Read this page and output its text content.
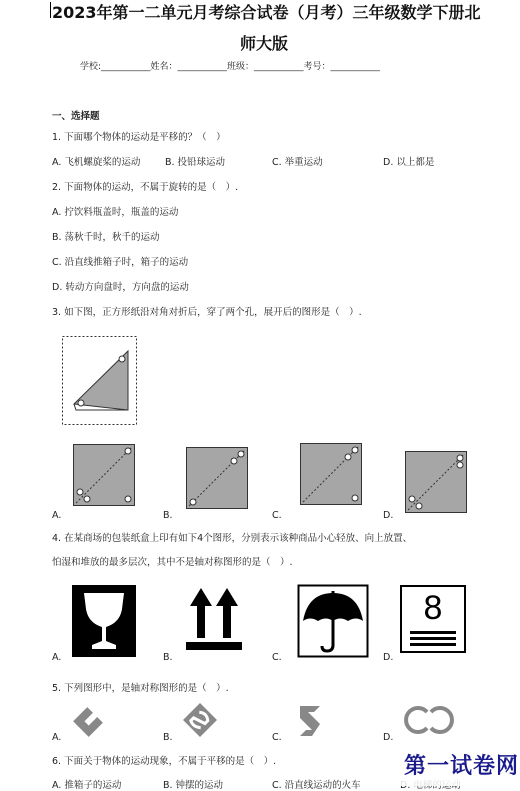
2023年第一二单元月考综合试卷（月考）三年级数学下册北
师大版
学校:___________姓名：___________班级：___________考号：___________
一、选择题
1. 下面哪个物体的运动是平移的？（　）
A. 飞机螺旋桨的运动	B. 投铅球运动	C. 举重运动	D. 以上都是
2. 下面物体的运动，不属于旋转的是（　）.
A. 拧饮料瓶盖时，瓶盖的运动
B. 荡秋千时，秋千的运动
C. 沿直线推箱子时，箱子的运动
D. 转动方向盘时，方向盘的运动
3. 如下图，正方形纸沿对角对折后，穿了两个孔，展开后的图形是（　）.
A.	B.	C.	D.
4. 在某商场的包装纸盒上印有如下4个图形，分别表示该种商品小心轻放、向上放置、
怕湿和堆放的最多层次，其中不是轴对称图形的是（　）.
A.	B.	C.	D.
8
5. 下列图形中，是轴对称图形的是（　）.
A.	B.	C.	D.
6. 下面关于物体的运动现象，不属于平移的是（　）.
A. 推箱子的运动	B. 钟摆的运动	C. 沿直线运动的火车
第一试卷网
